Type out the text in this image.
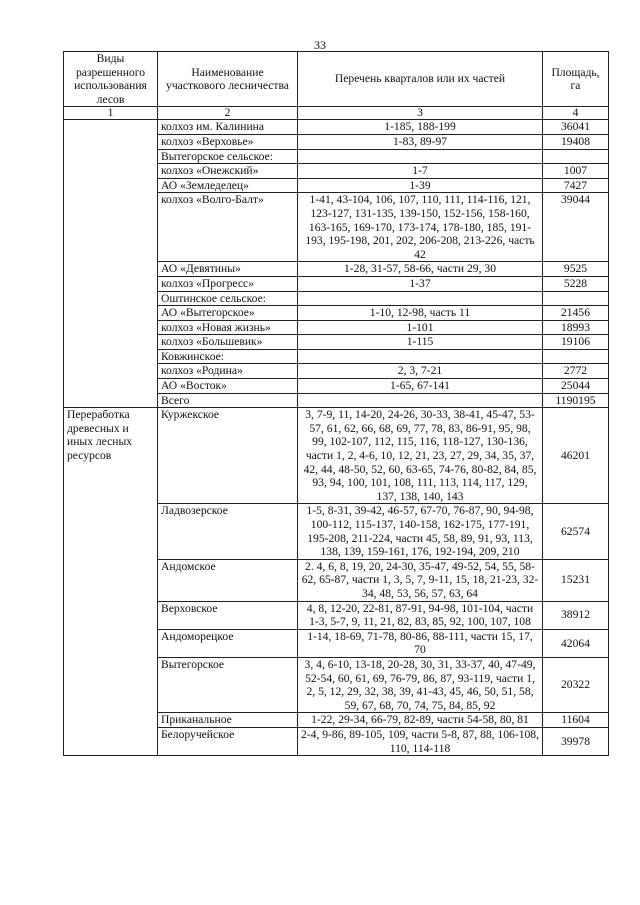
33
Виды разрешенного использования лесов	Наименование участкового лесничества	Перечень кварталов или их частей	Площадь, га
1	2	3	4
	колхоз им. Калинина	1-185, 188-199	36041
	колхоз «Верховье»	1-83, 89-97	19408
	Вытегорское сельское:		
	колхоз «Онежский»	1-7	1007
	АО «Земледелец»	1-39	7427
	колхоз «Волго-Балт»	1-41, 43-104, 106, 107, 110, 111, 114-116, 121, 123-127, 131-135, 139-150, 152-156, 158-160, 163-165, 169-170, 173-174, 178-180, 185, 191-193, 195-198, 201, 202, 206-208, 213-226, часть 42	39044
	АО «Девятины»	1-28, 31-57, 58-66, части 29, 30	9525
	колхоз «Прогресс»	1-37	5228
	Оштинское сельское:		
	АО «Вытегорское»	1-10, 12-98, часть 11	21456
	колхоз «Новая жизнь»	1-101	18993
	колхоз «Большевик»	1-115	19106
	Ковжинское:		
	колхоз «Родина»	2, 3, 7-21	2772
	АО «Восток»	1-65, 67-141	25044
	Всего		1190195
Переработка древесных и иных лесных ресурсов	Куржекское	3, 7-9, 11, 14-20, 24-26, 30-33, 38-41, 45-47, 53-57, 61, 62, 66, 68, 69, 77, 78, 83, 86-91, 95, 98, 99, 102-107, 112, 115, 116, 118-127, 130-136, части 1, 2, 4-6, 10, 12, 21, 23, 27, 29, 34, 35, 37, 42, 44, 48-50, 52, 60, 63-65, 74-76, 80-82, 84, 85, 93, 94, 100, 101, 108, 111, 113, 114, 117, 129, 137, 138, 140, 143	46201
	Ладвозерское	1-5, 8-31, 39-42, 46-57, 67-70, 76-87, 90, 94-98, 100-112, 115-137, 140-158, 162-175, 177-191, 195-208, 211-224, части 45, 58, 89, 91, 93, 113, 138, 139, 159-161, 176, 192-194, 209, 210	62574
	Андомское	2. 4, 6, 8, 19, 20, 24-30, 35-47, 49-52, 54, 55, 58-62, 65-87, части 1, 3, 5, 7, 9-11, 15, 18, 21-23, 32-34, 48, 53, 56, 57, 63, 64	15231
	Верховское	4, 8, 12-20, 22-81, 87-91, 94-98, 101-104, части 1-3, 5-7, 9, 11, 21, 82, 83, 85, 92, 100, 107, 108	38912
	Андоморецкое	1-14, 18-69, 71-78, 80-86, 88-111, части 15, 17, 70	42064
	Вытегорское	3, 4, 6-10, 13-18, 20-28, 30, 31, 33-37, 40, 47-49, 52-54, 60, 61, 69, 76-79, 86, 87, 93-119, части 1, 2, 5, 12, 29, 32, 38, 39, 41-43, 45, 46, 50, 51, 58, 59, 67, 68, 70, 74, 75, 84, 85, 92	20322
	Приканальное	1-22, 29-34, 66-79, 82-89, части 54-58, 80, 81	11604
	Белоручейское	2-4, 9-86, 89-105, 109, части 5-8, 87, 88, 106-108, 110, 114-118	39978
